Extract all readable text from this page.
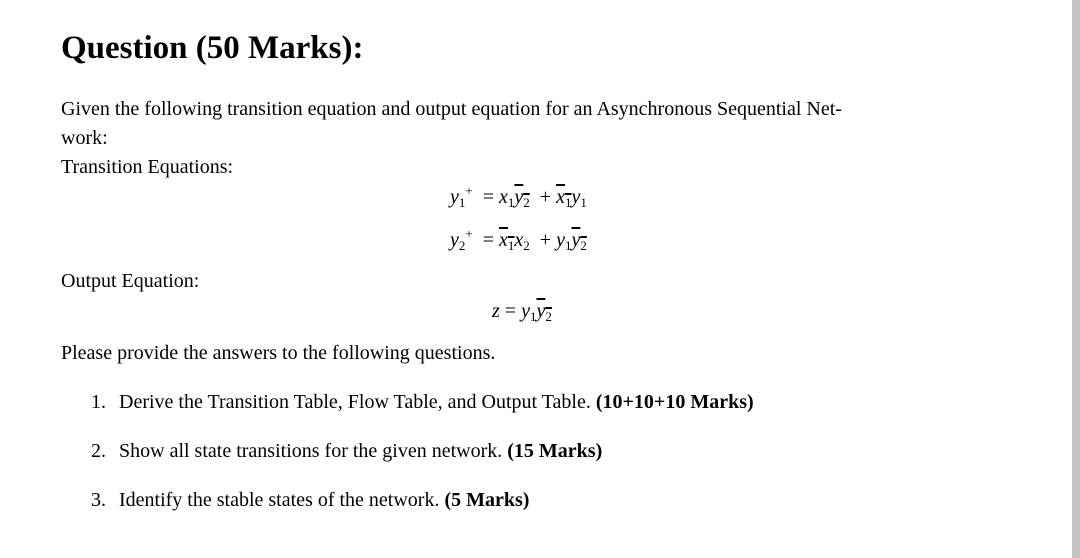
Question (50 Marks):

Given the following transition equation and output equation for an Asynchronous Sequential Net-

work:

Transition Equations:

$y_1^+ = x_1y_2 + x_1y_1$
$y_2^+ = x_1x_2 + y_1y_2$

Output Equation:

$z = y_1y_2$

Please provide the answers to the following questions.

1. Derive the Transition Table, Flow Table, and Output Table. (10+10+10 Marks)
2. Show all state transitions for the given network. (15 Marks)
3. Identify the stable states of the network. (5 Marks)
